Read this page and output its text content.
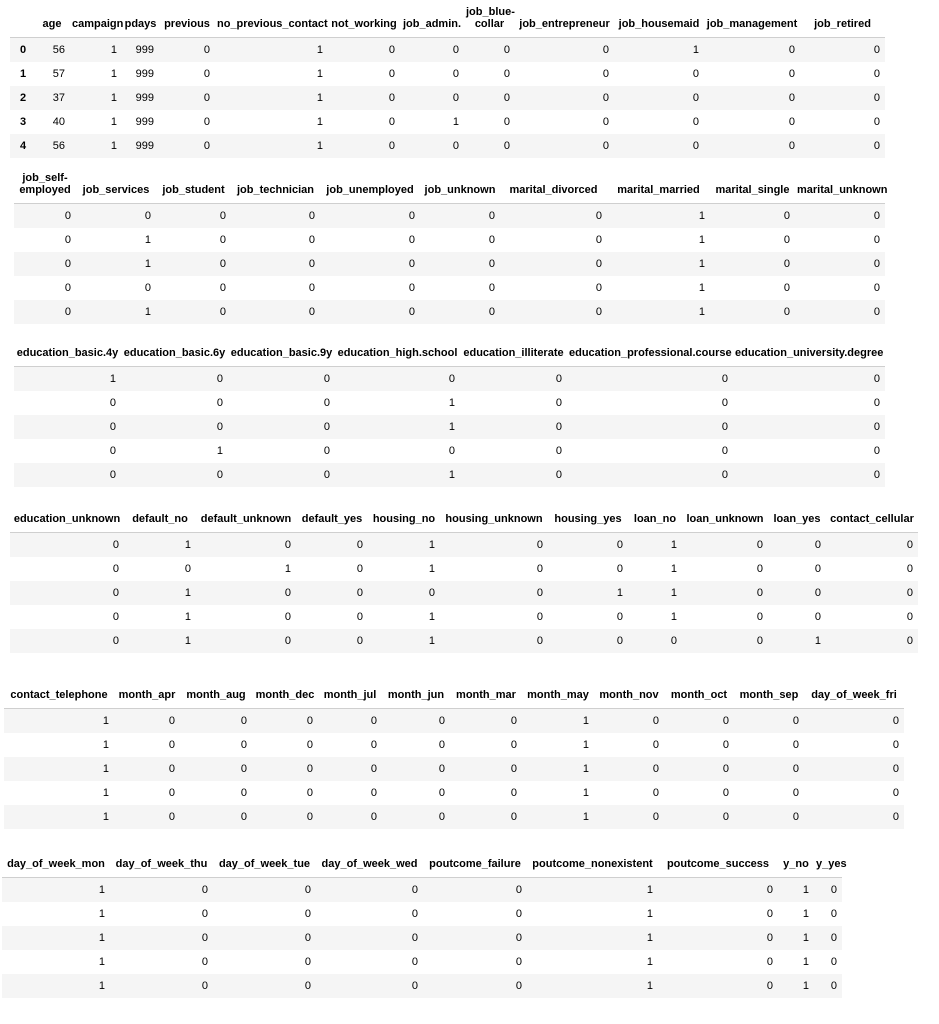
	age	campaign	pdays	previous	no_previous_contact	not_working	job_admin.	job_blue-collar	job_entrepreneur	job_housemaid	job_management	job_retired
0	56	1	999	0	1	0	0	0	0	1	0	0
1	57	1	999	0	1	0	0	0	0	0	0	0
2	37	1	999	0	1	0	0	0	0	0	0	0
3	40	1	999	0	1	0	1	0	0	0	0	0
4	56	1	999	0	1	0	0	0	0	0	0	0
job_self-employed	job_services	job_student	job_technician	job_unemployed	job_unknown	marital_divorced	marital_married	marital_single	marital_unknown
0	0	0	0	0	0	0	1	0	0
0	1	0	0	0	0	0	1	0	0
0	1	0	0	0	0	0	1	0	0
0	0	0	0	0	0	0	1	0	0
0	1	0	0	0	0	0	1	0	0
education_basic.4y	education_basic.6y	education_basic.9y	education_high.school	education_illiterate	education_professional.course	education_university.degree
1	0	0	0	0	0	0
0	0	0	1	0	0	0
0	0	0	1	0	0	0
0	1	0	0	0	0	0
0	0	0	1	0	0	0
education_unknown	default_no	default_unknown	default_yes	housing_no	housing_unknown	housing_yes	loan_no	loan_unknown	loan_yes	contact_cellular
0	1	0	0	1	0	0	1	0	0	0
0	0	1	0	1	0	0	1	0	0	0
0	1	0	0	0	0	1	1	0	0	0
0	1	0	0	1	0	0	1	0	0	0
0	1	0	0	1	0	0	0	0	1	0
contact_telephone	month_apr	month_aug	month_dec	month_jul	month_jun	month_mar	month_may	month_nov	month_oct	month_sep	day_of_week_fri
1	0	0	0	0	0	0	1	0	0	0	0
1	0	0	0	0	0	0	1	0	0	0	0
1	0	0	0	0	0	0	1	0	0	0	0
1	0	0	0	0	0	0	1	0	0	0	0
1	0	0	0	0	0	0	1	0	0	0	0
day_of_week_mon	day_of_week_thu	day_of_week_tue	day_of_week_wed	poutcome_failure	poutcome_nonexistent	poutcome_success	y_no	y_yes
1	0	0	0	0	1	0	1	0
1	0	0	0	0	1	0	1	0
1	0	0	0	0	1	0	1	0
1	0	0	0	0	1	0	1	0
1	0	0	0	0	1	0	1	0
